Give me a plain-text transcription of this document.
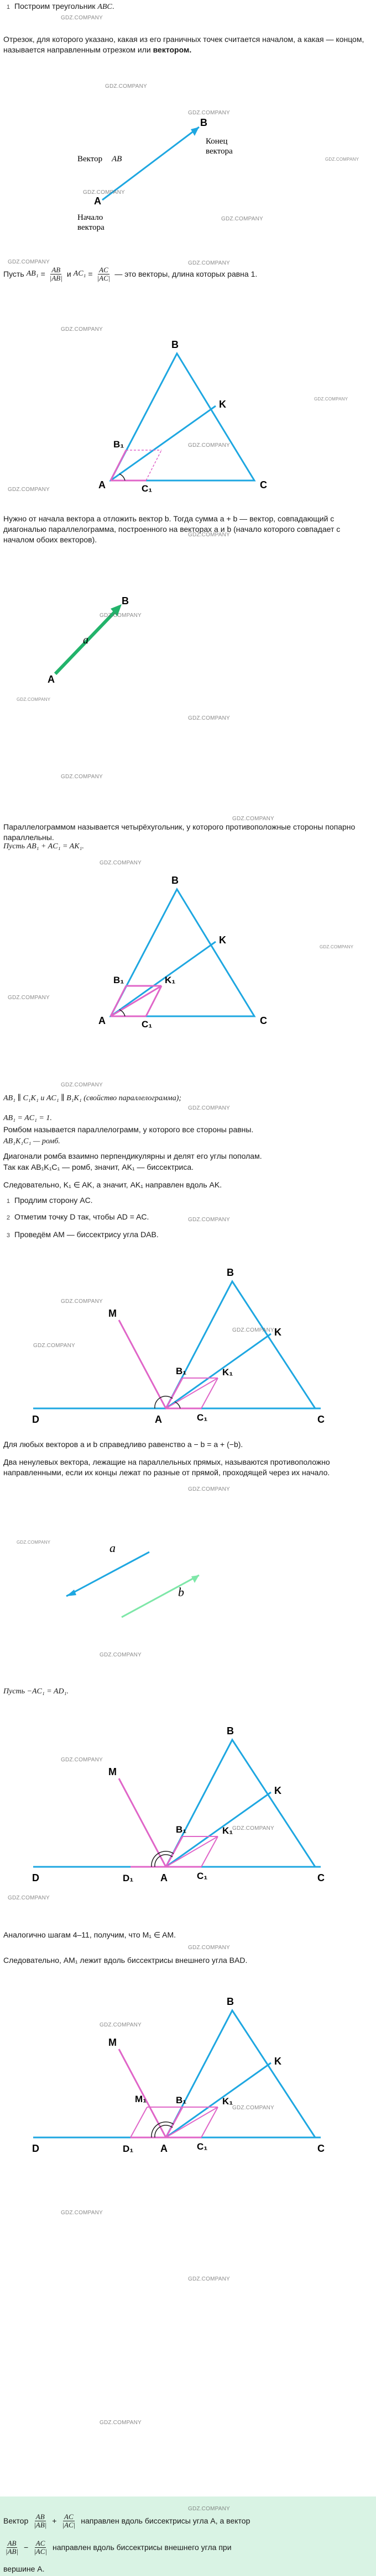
1 Построим треугольник ABC.

Отрезок, для которого указано, какая из его граничных точек считается началом, а какая — концом, называется направленным отрезком или вектором.

A
B
Вектор AB
Конец
вектора
Начало
вектора
Пусть $AB_1 = \frac{AB}{|AB|}$ и $AC_1 = \frac{AC}{|AC|}$ — это векторы, длина которых равна 1.
A
B
C
K
B₁
C₁

Нужно от начала вектора a отложить вектор b. Тогда сумма a + b — вектор, совпадающий с диагональю параллелограмма, построенного на векторах a и b (начало которого совпадает с началом обоих векторов).

A
B
a

Параллелограммом называется четырёхугольник, у которого противоположные стороны попарно параллельны.

Пусть AB₁ + AC₁ = AK₁.

A
B
C
K
B₁
C₁
K₁

AB₁ ∥ C₁K₁ и AC₁ ∥ B₁K₁ (свойство параллелограмма);

AB₁ = AC₁ = 1.

Ромбом называется параллелограмм, у которого все стороны равны.

AB₁K₁C₁ — ромб.

Диагонали ромба взаимно перпендикулярны и делят его углы пополам.

Так как AB₁K₁C₁ — ромб, значит, AK₁ — биссектриса.

Следовательно, K₁ ∈ AK, а значит, AK₁ направлен вдоль AK.

1 Продлим сторону AC.
2 Отметим точку D так, чтобы AD = AC.
3 Проведём AM — биссектрису угла DAB.
D	A
B
C
K
M
B₁
C₁
K₁

Для любых векторов a и b справедливо равенство a − b = a + (−b).

Два ненулевых вектора, лежащие на параллельных прямых, называются противоположно направленными, если их концы лежат по разные от прямой, проходящей через их начало.

a
b

Пусть −AC₁ = AD₁.

D	D₁	A
B
C
K
M
B₁
C₁
K₁

Аналогично шагам 4–11, получим, что M₁ ∈ AM.

Следовательно, AM₁ лежит вдоль биссектрисы внешнего угла BAD.

D	D₁	A
B
C
K
M
M₁	B₁
C₁
K₁
Вектор $\frac{AB}{|AB|} + \frac{AC}{|AC|}$ направлен вдоль биссектрисы угла A, а вектор
$\frac{AB}{|AB|} - \frac{AC}{|AC|}$ направлен вдоль биссектрисы внешнего угла при

вершине A.

GDZ.COMPANY
GDZ.COMPANY
GDZ.COMPANY
GDZ.COMPANY
GDZ.COMPANY
GDZ.COMPANY
GDZ.COMPANY	GDZ.COMPANY
GDZ.COMPANY
GDZ.COMPANY
GDZ.COMPANY
GDZ.COMPANY
GDZ.COMPANY
GDZ.COMPANY
GDZ.COMPANY
GDZ.COMPANY
GDZ.COMPANY
GDZ.COMPANY
GDZ.COMPANY
GDZ.COMPANY
GDZ.COMPANY
GDZ.COMPANY
GDZ.COMPANY
GDZ.COMPANY
GDZ.COMPANY
GDZ.COMPANY
GDZ.COMPANY
GDZ.COMPANY
GDZ.COMPANY
GDZ.COMPANY
GDZ.COMPANY
GDZ.COMPANY
GDZ.COMPANY
GDZ.COMPANY
GDZ.COMPANY
GDZ.COMPANY
GDZ.COMPANY
GDZ.COMPANY
GDZ.COMPANY
GDZ.COMPANY
